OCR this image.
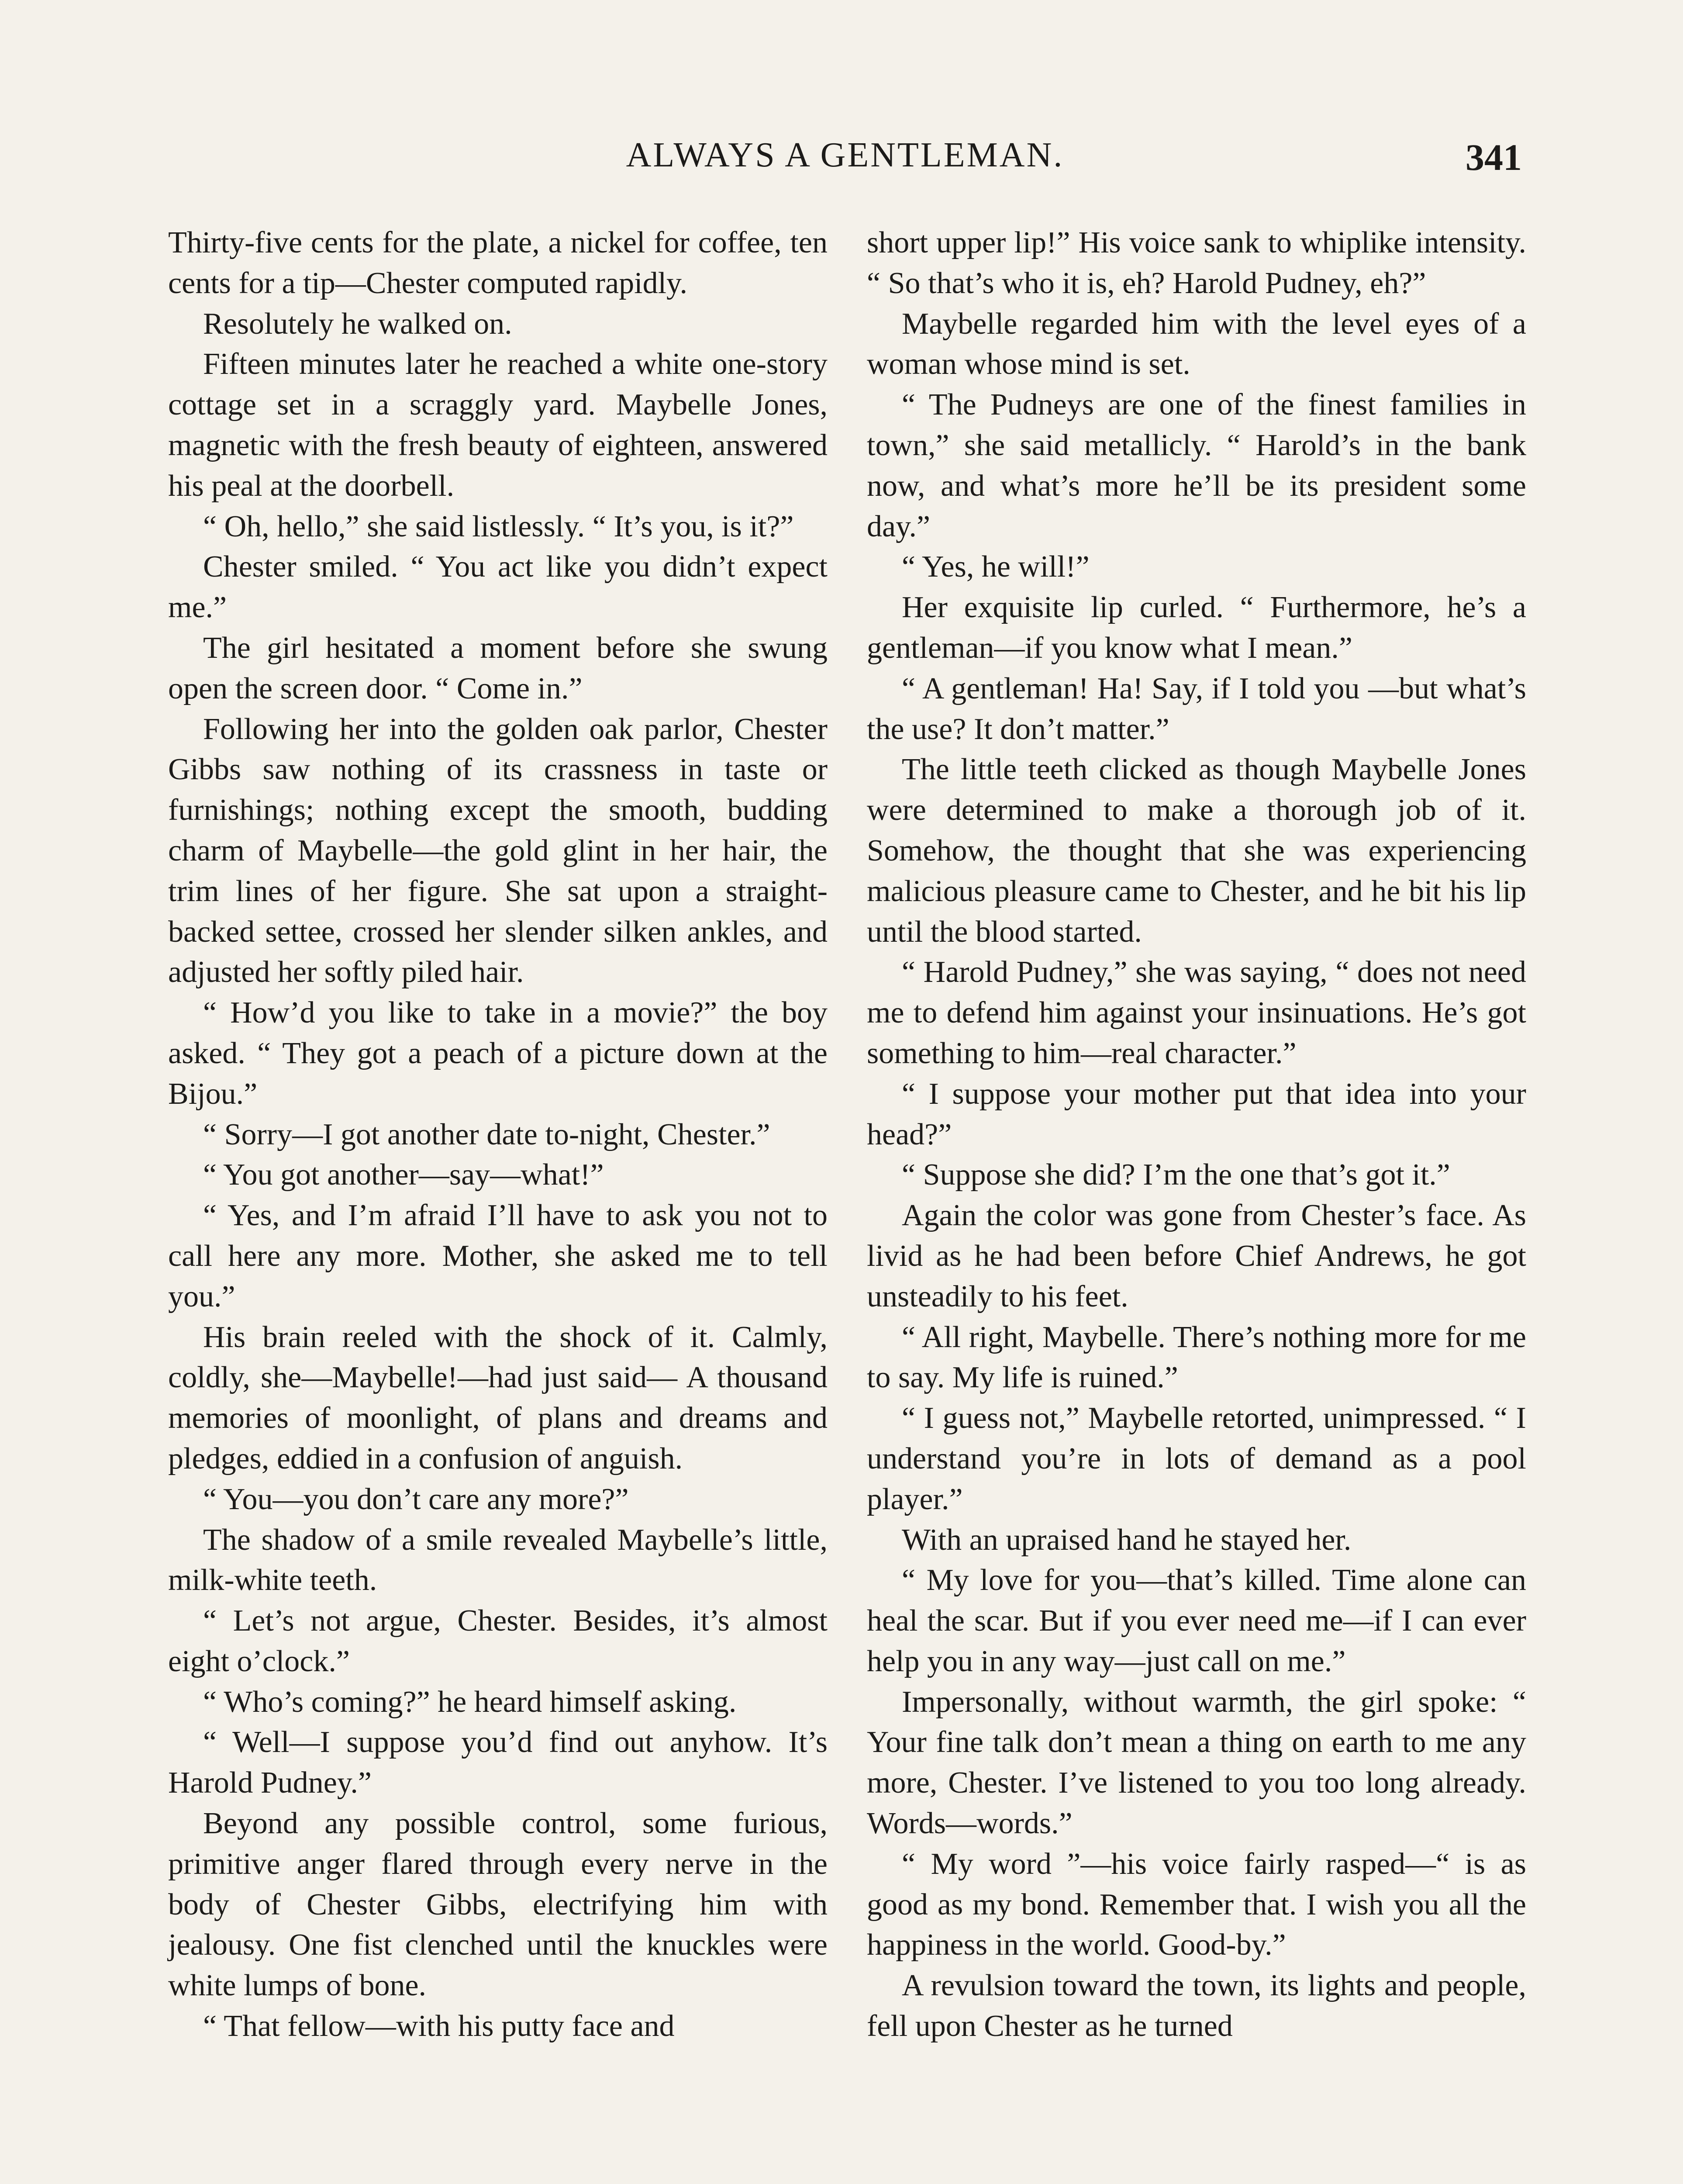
ALWAYS A GENTLEMAN.	341

Thirty-five cents for the plate, a nickel for coffee, ten cents for a tip—Chester computed rapidly.

Resolutely he walked on.

Fifteen minutes later he reached a white one-story cottage set in a scraggly yard. Maybelle Jones, magnetic with the fresh beauty of eighteen, answered his peal at the doorbell.

“ Oh, hello,” she said listlessly. “ It’s you, is it?”

Chester smiled. “ You act like you didn’t expect me.”

The girl hesitated a moment before she swung open the screen door. “ Come in.”

Following her into the golden oak parlor, Chester Gibbs saw nothing of its crassness in taste or furnishings; nothing except the smooth, budding charm of Maybelle—the gold glint in her hair, the trim lines of her figure. She sat upon a straight-backed settee, crossed her slender silken ankles, and adjusted her softly piled hair.

“ How’d you like to take in a movie?” the boy asked. “ They got a peach of a picture down at the Bijou.”

“ Sorry—I got another date to-night, Chester.”

“ You got another—say—what!”

“ Yes, and I’m afraid I’ll have to ask you not to call here any more. Mother, she asked me to tell you.”

His brain reeled with the shock of it. Calmly, coldly, she—Maybelle!—had just said— A thousand memories of moonlight, of plans and dreams and pledges, eddied in a confusion of anguish.

“ You—you don’t care any more?”

The shadow of a smile revealed Maybelle’s little, milk-white teeth.

“ Let’s not argue, Chester. Besides, it’s almost eight o’clock.”

“ Who’s coming?” he heard himself asking.

“ Well—I suppose you’d find out anyhow. It’s Harold Pudney.”

Beyond any possible control, some furious, primitive anger flared through every nerve in the body of Chester Gibbs, electrifying him with jealousy. One fist clenched until the knuckles were white lumps of bone.

“ That fellow—with his putty face and

short upper lip!” His voice sank to whiplike intensity. “ So that’s who it is, eh? Harold Pudney, eh?”

Maybelle regarded him with the level eyes of a woman whose mind is set.

“ The Pudneys are one of the finest families in town,” she said metallicly. “ Harold’s in the bank now, and what’s more he’ll be its president some day.”

“ Yes, he will!”

Her exquisite lip curled. “ Furthermore, he’s a gentleman—if you know what I mean.”

“ A gentleman! Ha! Say, if I told you —but what’s the use? It don’t matter.”

The little teeth clicked as though Maybelle Jones were determined to make a thorough job of it. Somehow, the thought that she was experiencing malicious pleasure came to Chester, and he bit his lip until the blood started.

“ Harold Pudney,” she was saying, “ does not need me to defend him against your insinuations. He’s got something to him—real character.”

“ I suppose your mother put that idea into your head?”

“ Suppose she did? I’m the one that’s got it.”

Again the color was gone from Chester’s face. As livid as he had been before Chief Andrews, he got unsteadily to his feet.

“ All right, Maybelle. There’s nothing more for me to say. My life is ruined.”

“ I guess not,” Maybelle retorted, unimpressed. “ I understand you’re in lots of demand as a pool player.”

With an upraised hand he stayed her.

“ My love for you—that’s killed. Time alone can heal the scar. But if you ever need me—if I can ever help you in any way—just call on me.”

Impersonally, without warmth, the girl spoke: “ Your fine talk don’t mean a thing on earth to me any more, Chester. I’ve listened to you too long already. Words—words.”

“ My word ”—his voice fairly rasped—“ is as good as my bond. Remember that. I wish you all the happiness in the world. Good-by.”

A revulsion toward the town, its lights and people, fell upon Chester as he turned
